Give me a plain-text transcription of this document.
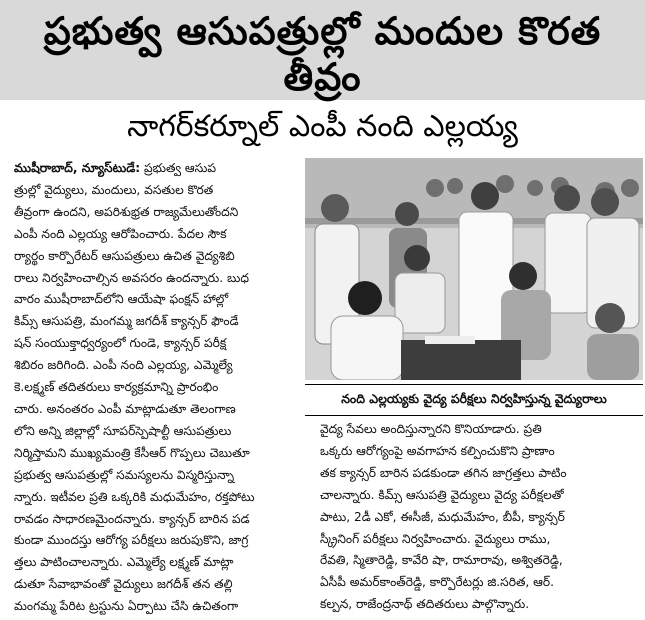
ప్రభుత్వ ఆసుపత్రుల్లో మందుల కొరత తీవ్రం
నాగర్‌కర్నూల్ ఎంపీ నంది ఎల్లయ్య

ముషీరాబాద్, న్యూస్‌టుడే: ప్రభుత్వ ఆసుప

త్రుల్లో వైద్యులు, మందులు, వసతుల కొరత

తీవ్రంగా ఉందని, అపరిశుభ్రత రాజ్యమేలుతోందని

ఎంపీ నంది ఎల్లయ్య ఆరోపించారు. పేదల సౌక

ర్యార్థం కార్పొరేటర్ ఆసుపత్రులు ఉచిత వైద్యశిబి

రాలు నిర్వహించాల్సిన అవసరం ఉందన్నారు. బుధ

వారం ముషీరాబాద్‌లోని ఆయేషా ఫంక్షన్ హాల్లో

కిమ్స్ ఆసుపత్రి, మంగమ్మ జగదీశ్ క్యాన్సర్ ఫౌండే

షన్ సంయుక్తాధ్వర్యంలో గుండె, క్యాన్సర్ పరీక్ష

శిబిరం జరిగింది. ఎంపీ నంది ఎల్లయ్య, ఎమ్మెల్యే

కె.లక్ష్మణ్ తదితరులు కార్యక్రమాన్ని ప్రారంభిం

చారు. అనంతరం ఎంపీ మాట్లాడుతూ తెలంగాణ

లోని అన్ని జిల్లాల్లో సూపర్‌స్పెషాల్టీ ఆసుపత్రులు

నిర్మిస్తామని ముఖ్యమంత్రి కేసీఆర్ గొప్పలు చెబుతూ

ప్రభుత్వ ఆసుపత్రుల్లో సమస్యలను విస్మరిస్తున్నా

న్నారు. ఇటీవల ప్రతి ఒక్కరికి మధుమేహం, రక్తపోటు

రావడం సాధారణమైందన్నారు. క్యాన్సర్ బారిన పడ

కుండా ముందస్తు ఆరోగ్య పరీక్షలు జరుపుకొని, జాగ్ర

త్తలు పాటించాలన్నారు. ఎమ్మెల్యే లక్ష్మణ్ మాట్లా

డుతూ సేవాభావంతో వైద్యులు జగదీశ్ తన తల్లి

మంగమ్మ పేరిట ట్రస్టును ఏర్పాటు చేసి ఉచితంగా

నంది ఎల్లయ్యకు వైద్య పరీక్షలు నిర్వహిస్తున్న వైద్యురాలు

వైద్య సేవలు అందిస్తున్నారని కొనియాడారు. ప్రతి

ఒక్కరు ఆరోగ్యంపై అవగాహన కల్పించుకొని ప్రాణాం

తక క్యాన్సర్ బారిన పడకుండా తగిన జాగ్రత్తలు పాటిం

చాలన్నారు. కిమ్స్ ఆసుపత్రి వైద్యులు వైద్య పరీక్షలతో

పాటు, 2డీ ఎకో, ఈసీజీ, మధుమేహం, బీపీ, క్యాన్సర్

స్క్రీనింగ్ పరీక్షలు నిర్వహించారు. వైద్యులు రాము,

రేవతి, స్మితారెడ్డి, కావేరి షా, రామారావు, అశ్వితరెడ్డి,

ఏసీపీ అమర్‌కాంత్‌రెడ్డి, కార్పొరేటర్లు జి.సరిత, ఆర్.

కల్పన, రాజేంద్రనాథ్ తదితరులు పాల్గొన్నారు.
